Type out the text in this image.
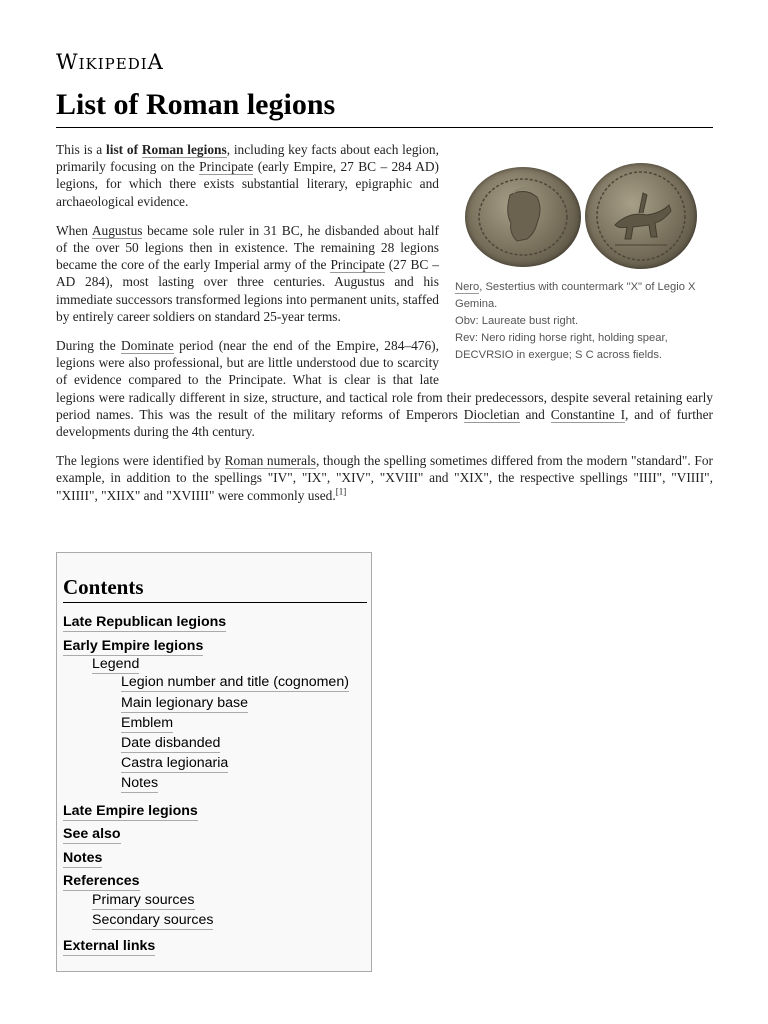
WikipediA
List of Roman legions
Nero, Sestertius with countermark "X" of Legio X Gemina.
Obv: Laureate bust right.
Rev: Nero riding horse right, holding spear, DECVRSIO in exergue; S C across fields.

This is a list of Roman legions, including key facts about each legion, primarily focusing on the Principate (early Empire, 27 BC – 284 AD) legions, for which there exists substantial literary, epigraphic and archaeological evidence.

When Augustus became sole ruler in 31 BC, he disbanded about half of the over 50 legions then in existence. The remaining 28 legions became the core of the early Imperial army of the Principate (27 BC – AD 284), most lasting over three centuries. Augustus and his immediate successors transformed legions into permanent units, staffed by entirely career soldiers on standard 25-year terms.

During the Dominate period (near the end of the Empire, 284–476), legions were also professional, but are little understood due to scarcity of evidence compared to the Principate. What is clear is that late legions were radically different in size, structure, and tactical role from their predecessors, despite several retaining early period names. This was the result of the military reforms of Emperors Diocletian and Constantine I, and of further developments during the 4th century.

The legions were identified by Roman numerals, though the spelling sometimes differed from the modern "standard". For example, in addition to the spellings "IV", "IX", "XIV", "XVIII" and "XIX", the respective spellings "IIII", "VIIII", "XIIII", "XIIX" and "XVIIII" were commonly used.[1]

Contents
Late Republican legions
Early Empire legions
Legend
Legion number and title (cognomen)
Main legionary base
Emblem
Date disbanded
Castra legionaria
Notes
Late Empire legions
See also
Notes
References
Primary sources
Secondary sources
External links
